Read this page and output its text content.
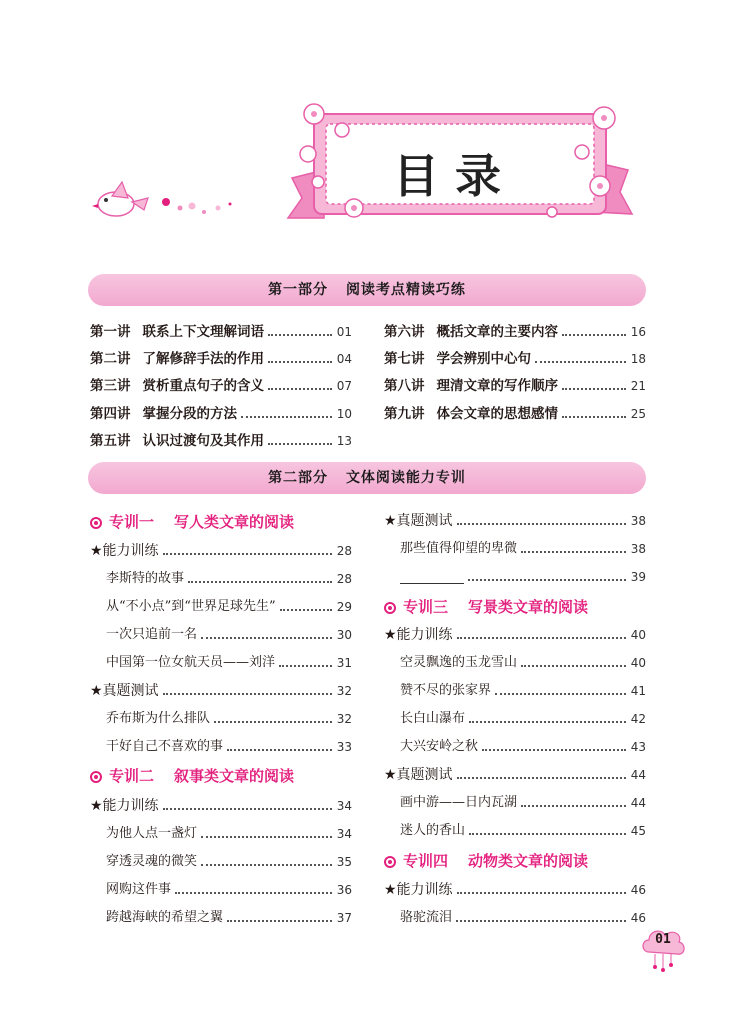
目录
第一部分 阅读考点精读巧练
第一讲 联系上下文理解词语	01
第二讲 了解修辞手法的作用	04
第三讲 赏析重点句子的含义	07
第四讲 掌握分段的方法	10
第五讲 认识过渡句及其作用	13
第六讲 概括文章的主要内容	16
第七讲 学会辨别中心句	18
第八讲 理清文章的写作顺序	21
第九讲 体会文章的思想感情	25
第二部分 文体阅读能力专训
专训一 写人类文章的阅读
★能力训练	28
李斯特的故事	28
从“不小点”到“世界足球先生”	29
一次只追前一名	30
中国第一位女航天员——刘洋	31
★真题测试	32
乔布斯为什么排队	32
干好自己不喜欢的事	33
专训二 叙事类文章的阅读
★能力训练	34
为他人点一盏灯	34
穿透灵魂的微笑	35
网购这件事	36
跨越海峡的希望之翼	37
★真题测试	38
那些值得仰望的卑微	38
39
专训三 写景类文章的阅读
★能力训练	40
空灵飘逸的玉龙雪山	40
赞不尽的张家界	41
长白山瀑布	42
大兴安岭之秋	43
★真题测试	44
画中游——日内瓦湖	44
迷人的香山	45
专训四 动物类文章的阅读
★能力训练	46
骆驼流泪	46
01
